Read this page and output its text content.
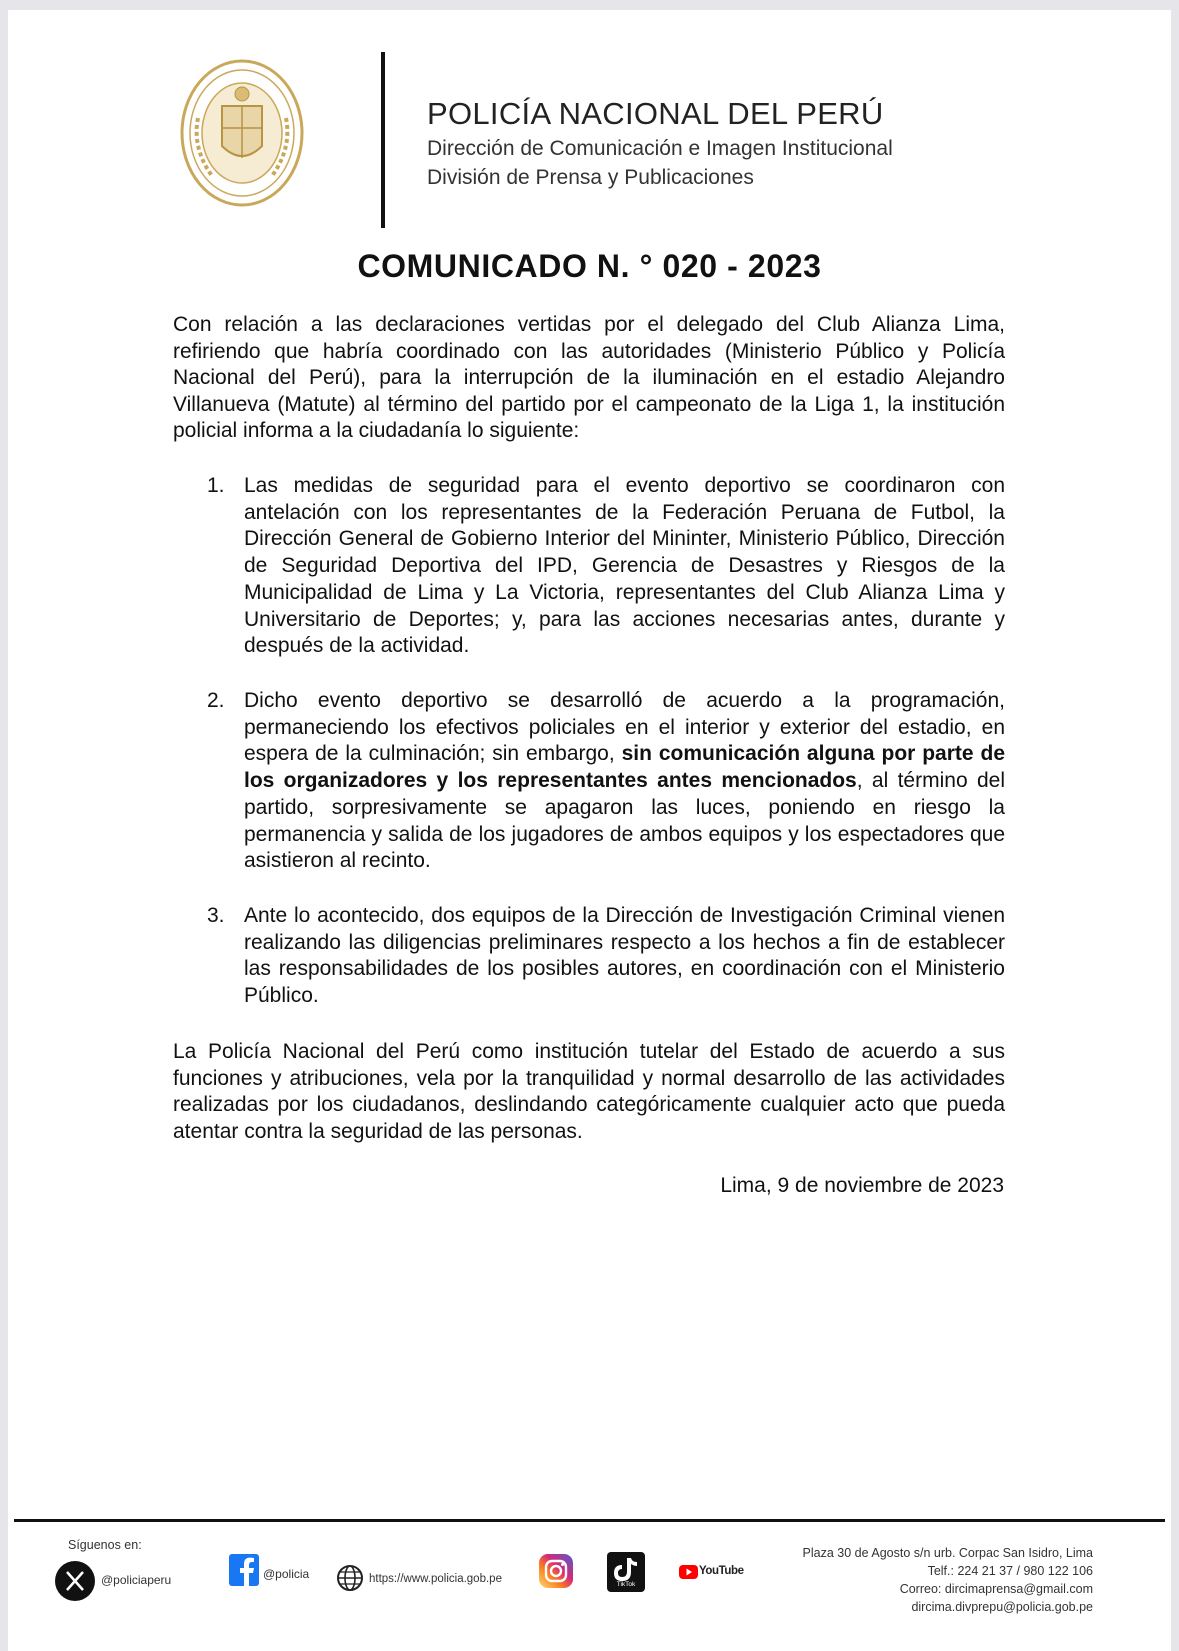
POLICÍA NACIONAL DEL PERÚ
Dirección de Comunicación e Imagen Institucional
División de Prensa y Publicaciones
COMUNICADO N. ° 020 - 2023

Con relación a las declaraciones vertidas por el delegado del Club Alianza Lima, refiriendo que habría coordinado con las autoridades (Ministerio Público y Policía Nacional del Perú), para la interrupción de la iluminación en el estadio Alejandro Villanueva (Matute) al término del partido por el campeonato de la Liga 1, la institución policial informa a la ciudadanía lo siguiente:

1. Las medidas de seguridad para el evento deportivo se coordinaron con antelación con los representantes de la Federación Peruana de Futbol, la Dirección General de Gobierno Interior del Mininter, Ministerio Público, Dirección de Seguridad Deportiva del IPD, Gerencia de Desastres y Riesgos de la Municipalidad de Lima y La Victoria, representantes del Club Alianza Lima y Universitario de Deportes; y, para las acciones necesarias antes, durante y después de la actividad.
2. Dicho evento deportivo se desarrolló de acuerdo a la programación, permaneciendo los efectivos policiales en el interior y exterior del estadio, en espera de la culminación; sin embargo, sin comunicación alguna por parte de los organizadores y los representantes antes mencionados, al término del partido, sorpresivamente se apagaron las luces, poniendo en riesgo la permanencia y salida de los jugadores de ambos equipos y los espectadores que asistieron al recinto.
3. Ante lo acontecido, dos equipos de la Dirección de Investigación Criminal vienen realizando las diligencias preliminares respecto a los hechos a fin de establecer las responsabilidades de los posibles autores, en coordinación con el Ministerio Público.

La Policía Nacional del Perú como institución tutelar del Estado de acuerdo a sus funciones y atribuciones, vela por la tranquilidad y normal desarrollo de las actividades realizadas por los ciudadanos, deslindando categóricamente cualquier acto que pueda atentar contra la seguridad de las personas.

Lima, 9 de noviembre de 2023
Síguenos en:
@policiaperu	@policia	https://www.policia.gob.pe	TikTok
YouTube
Plaza 30 de Agosto s/n urb. Corpac San Isidro, Lima
Telf.: 224 21 37 / 980 122 106
Correo: dircimaprensa@gmail.com
dircima.divprepu@policia.gob.pe
